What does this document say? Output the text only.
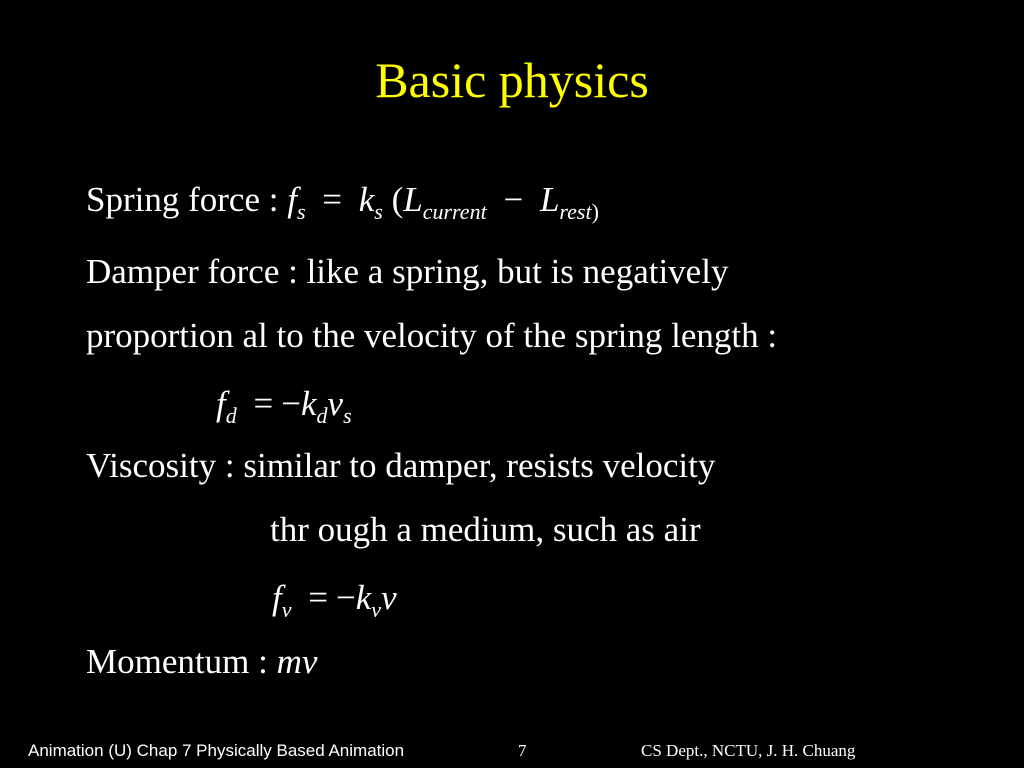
Basic physics
Spring force : $f_s = k_s$ ($L_{current} - L_{rest)}$
Damper force : like a spring, but is negatively
proportion al to the velocity of the spring length :
$f_d = -k_dv_s$
Viscosity : similar to damper, resists velocity
thr ough a medium, such as air
$f_v = -k_vv$
Momentum : mv
Animation (U) Chap 7 Physically Based Animation	7	CS Dept., NCTU, J. H. Chuang
